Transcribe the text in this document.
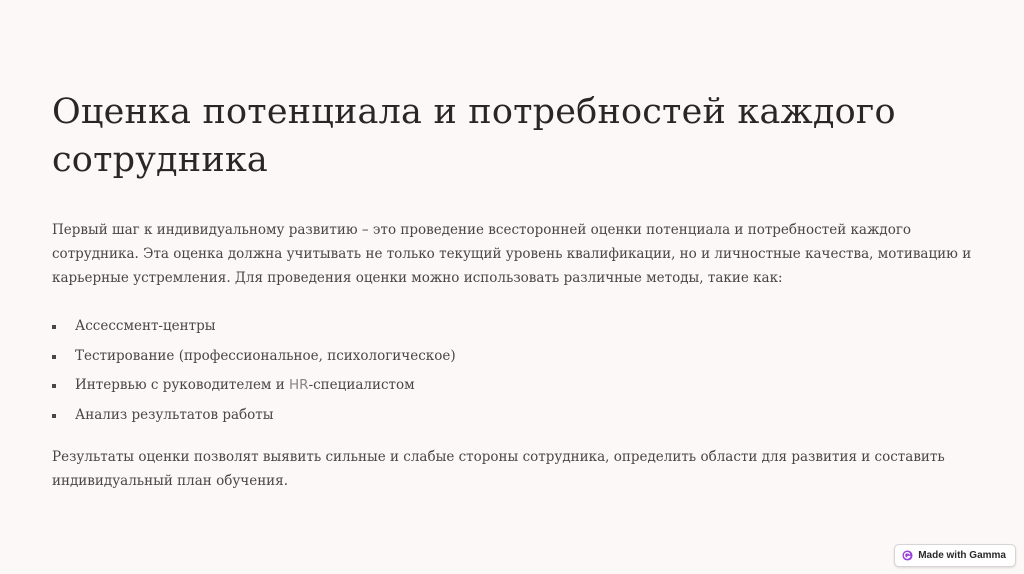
Оценка потенциала и потребностей каждого сотрудника

Первый шаг к индивидуальному развитию – это проведение всесторонней оценки потенциала и потребностей каждого сотрудника. Эта оценка должна учитывать не только текущий уровень квалификации, но и личностные качества, мотивацию и карьерные устремления. Для проведения оценки можно использовать различные методы, такие как:

Ассессмент-центры
Тестирование (профессиональное, психологическое)
Интервью с руководителем и HR-специалистом
Анализ результатов работы

Результаты оценки позволят выявить сильные и слабые стороны сотрудника, определить области для развития и составить индивидуальный план обучения.

Made with Gamma
